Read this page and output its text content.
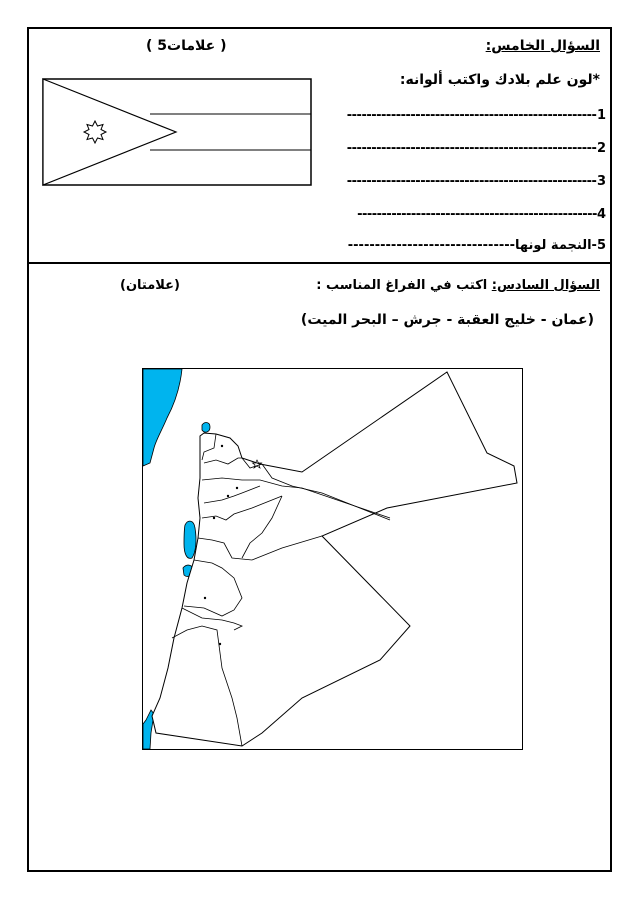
السؤال الخامس:
( 5علامات )
*لون علم بلادك واكتب ألوانه:
1---------------------------------------------------
2---------------------------------------------------
3---------------------------------------------------
4-------------------------------------------------
5-النجمة لونها-------------------------------
السؤال السادس: اكتب في الفراغ المناسب :
(علامتان)
(عمان - خليج العقبة - جرش – البحر الميت)
